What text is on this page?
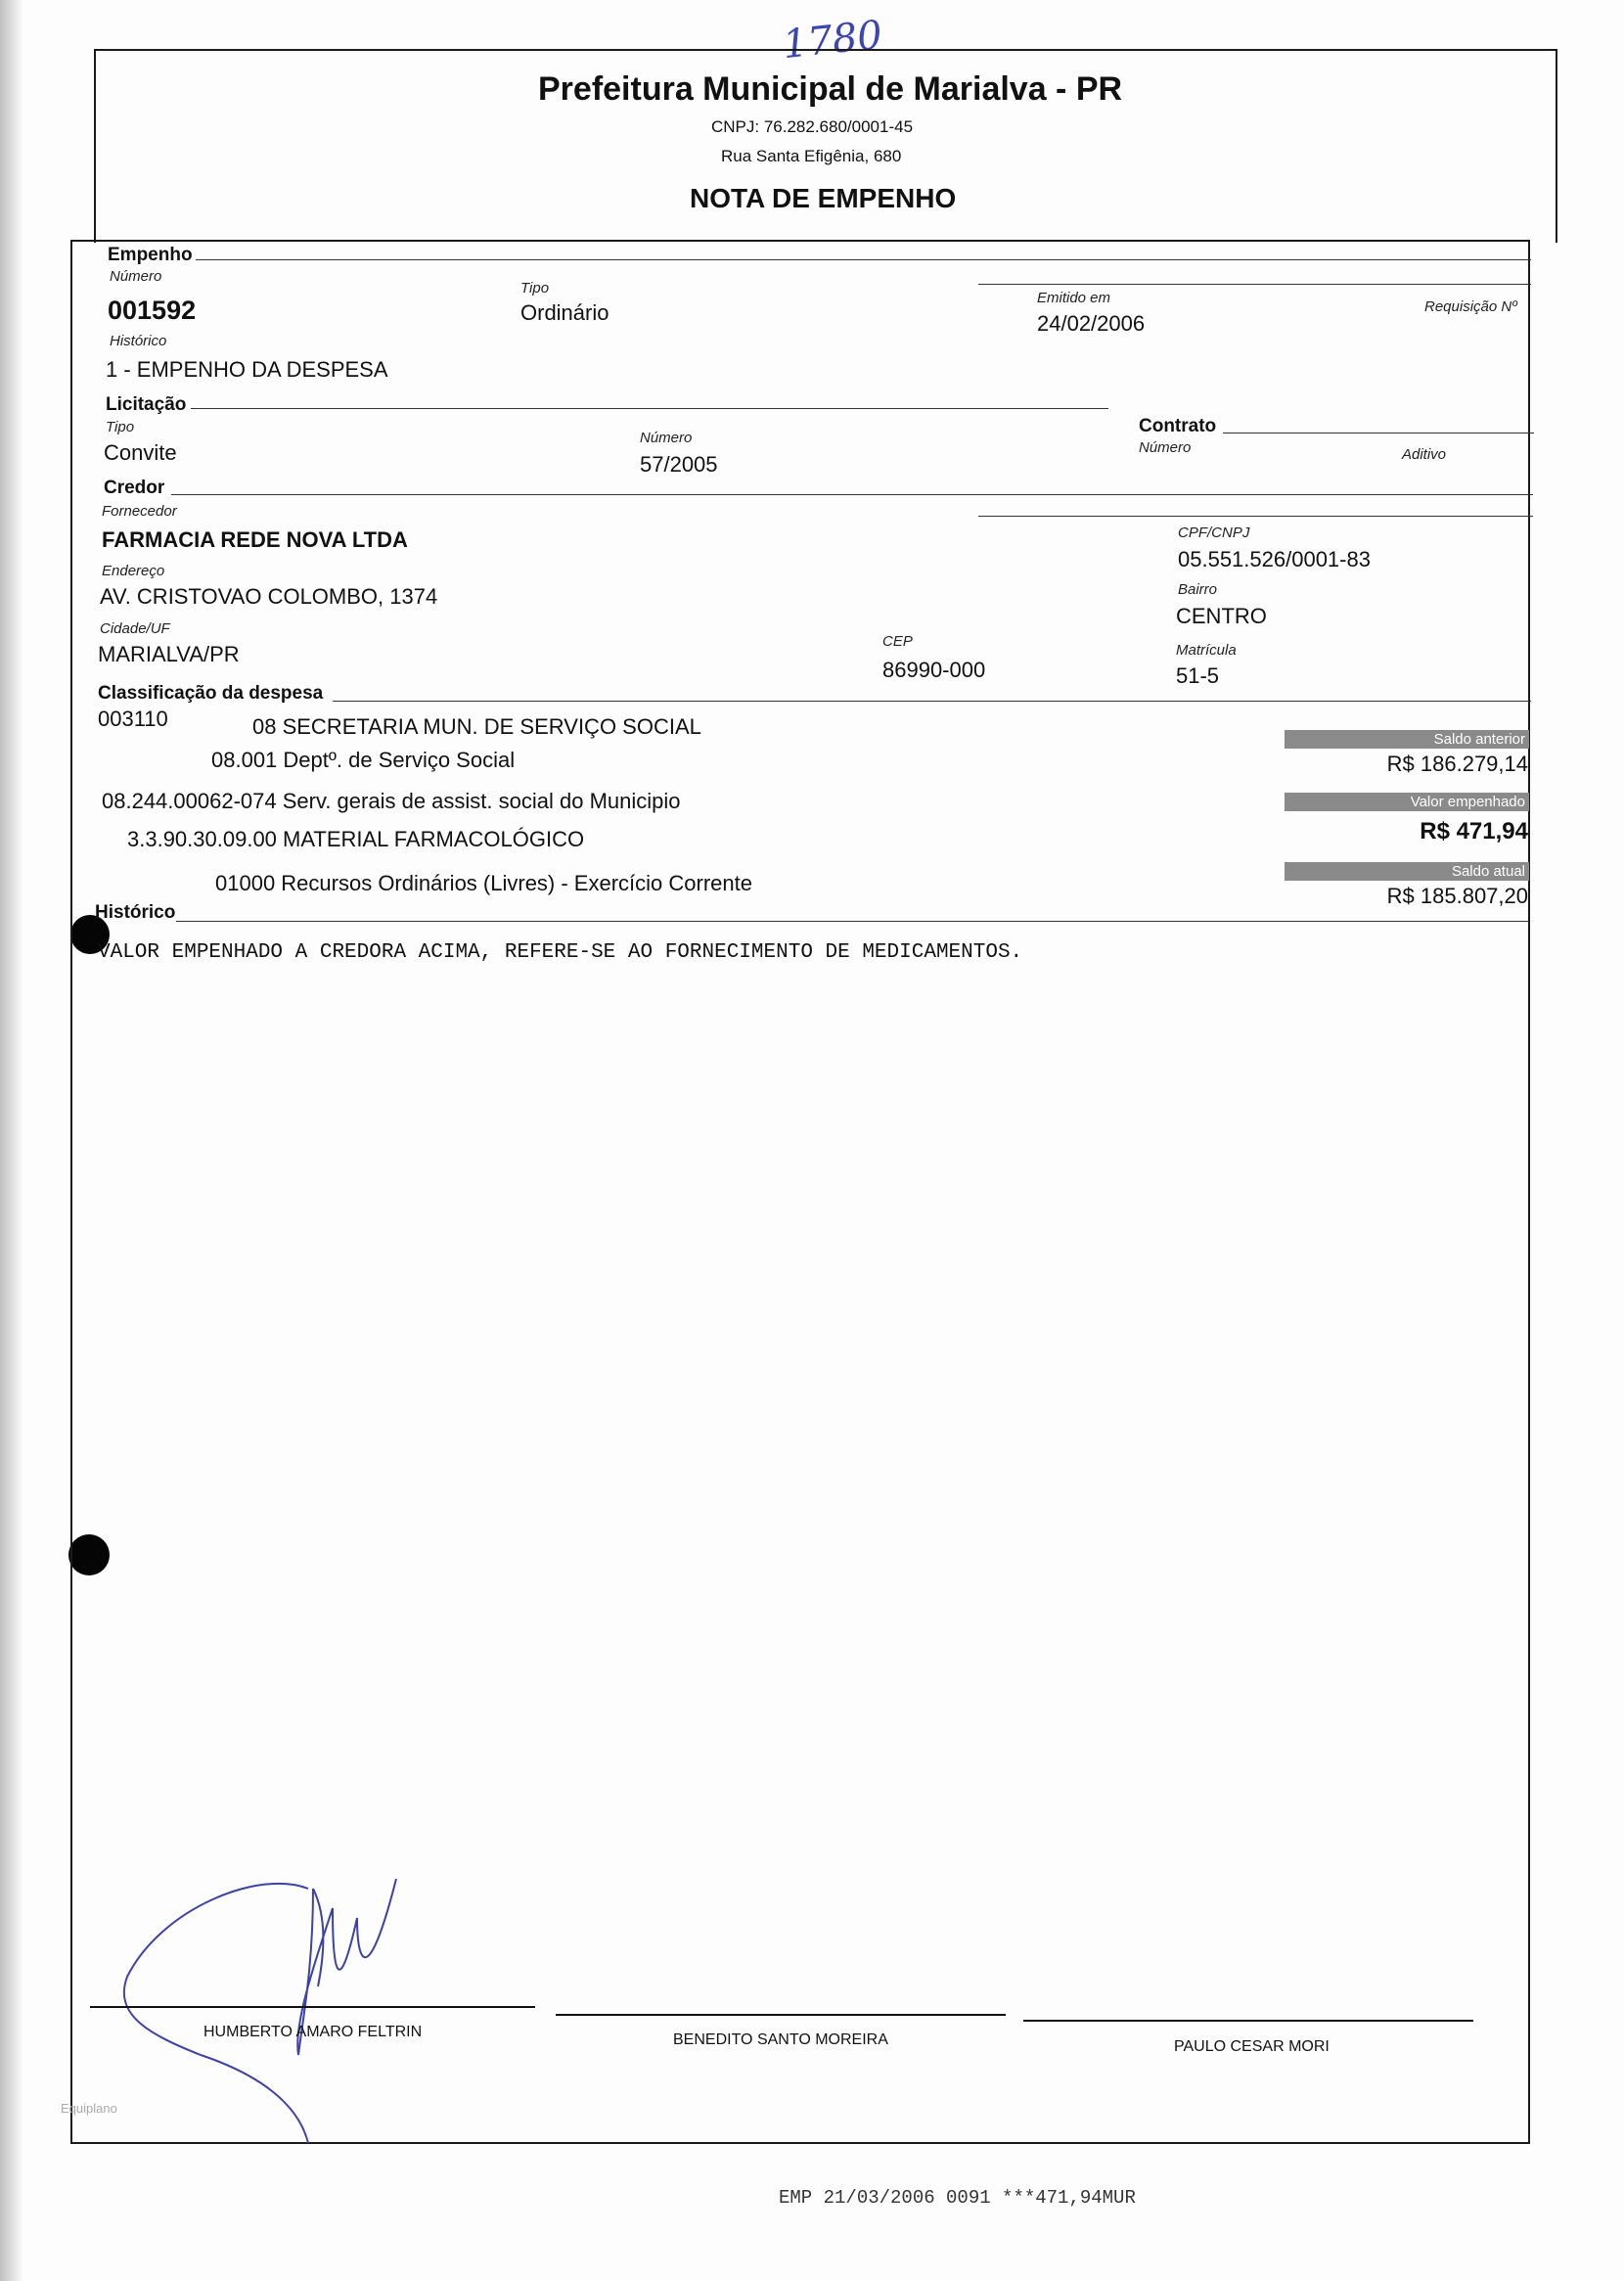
1780
Prefeitura Municipal de Marialva - PR
CNPJ: 76.282.680/0001-45
Rua Santa Efigênia, 680
NOTA DE EMPENHO
Empenho
Número
001592
Tipo
Ordinário
Emitido em
24/02/2006
Requisição Nº
Histórico
1 - EMPENHO DA DESPESA
Licitação
Tipo
Convite
Número
57/2005
Contrato
Número	Aditivo
Credor
Fornecedor
FARMACIA REDE NOVA LTDA	CPF/CNPJ
05.551.526/0001-83
Endereço
AV. CRISTOVAO COLOMBO, 1374	Bairro
CENTRO
Cidade/UF
MARIALVA/PR
CEP
86990-000
Matrícula
51-5
Classificação da despesa
003110	08 SECRETARIA MUN. DE SERVIÇO SOCIAL
08.001 Deptº. de Serviço Social
08.244.00062-074 Serv. gerais de assist. social do Municipio
3.3.90.30.09.00 MATERIAL FARMACOLÓGICO
01000 Recursos Ordinários (Livres) - Exercício Corrente
Saldo anterior
R$ 186.279,14
Valor empenhado
R$ 471,94
Saldo atual
R$ 185.807,20
Histórico
VALOR EMPENHADO A CREDORA ACIMA, REFERE-SE AO FORNECIMENTO DE MEDICAMENTOS.
HUMBERTO AMARO FELTRIN	BENEDITO SANTO MOREIRA	PAULO CESAR MORI
Equiplano
EMP 21/03/2006 0091 ***471,94MUR
